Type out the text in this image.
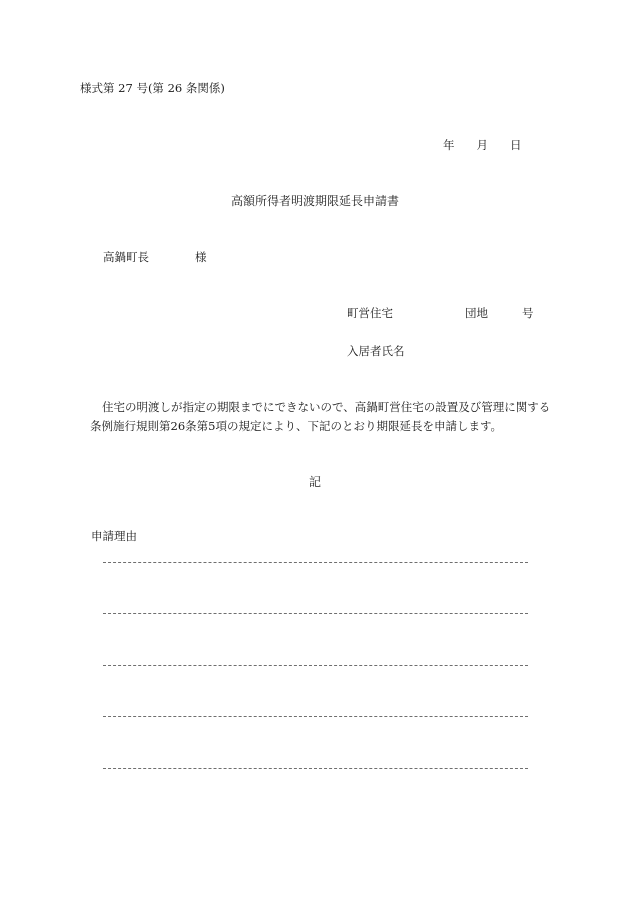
様式第 27 号(第 26 条関係)
年 月 日
高額所得者明渡期限延長申請書
高鍋町長	様
町営住宅	団地	号
入居者氏名
住宅の明渡しが指定の期限までにできないので、高鍋町営住宅の設置及び管理に関する条例施行規則第26条第5項の規定により、下記のとおり期限延長を申請します。
記
申請理由
